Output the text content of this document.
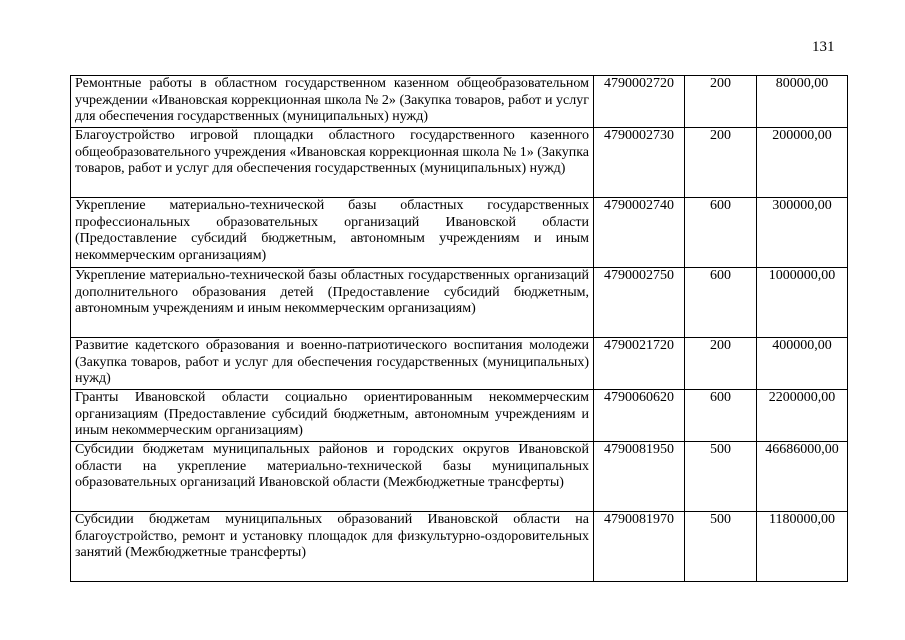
131
Ремонтные работы в областном государственном казенном общеобразовательном учреждении «Ивановская коррекционная школа № 2» (Закупка товаров, работ и услуг для обеспечения государственных (муниципальных) нужд)	4790002720	200	80000,00
Благоустройство игровой площадки областного государственного казенного общеобразовательного учреждения «Ивановская коррекционная школа № 1» (Закупка товаров, работ и услуг для обеспечения государственных (муниципальных) нужд)	4790002730	200	200000,00
Укрепление материально-технической базы областных государственных профессиональных образовательных организаций Ивановской области (Предоставление субсидий бюджетным, автономным учреждениям и иным некоммерческим организациям)	4790002740	600	300000,00
Укрепление материально-технической базы областных государственных организаций дополнительного образования детей (Предоставление субсидий бюджетным, автономным учреждениям и иным некоммерческим организациям)	4790002750	600	1000000,00
Развитие кадетского образования и военно-патриотического воспитания молодежи (Закупка товаров, работ и услуг для обеспечения государственных (муниципальных) нужд)	4790021720	200	400000,00
Гранты Ивановской области социально ориентированным некоммерческим организациям (Предоставление субсидий бюджетным, автономным учреждениям и иным некоммерческим организациям)	4790060620	600	2200000,00
Субсидии бюджетам муниципальных районов и городских округов Ивановской области на укрепление материально-технической базы муниципальных образовательных организаций Ивановской области (Межбюджетные трансферты)	4790081950	500	46686000,00
Субсидии бюджетам муниципальных образований Ивановской области на благоустройство, ремонт и установку площадок для физкультурно-оздоровительных занятий (Межбюджетные трансферты)	4790081970	500	1180000,00
